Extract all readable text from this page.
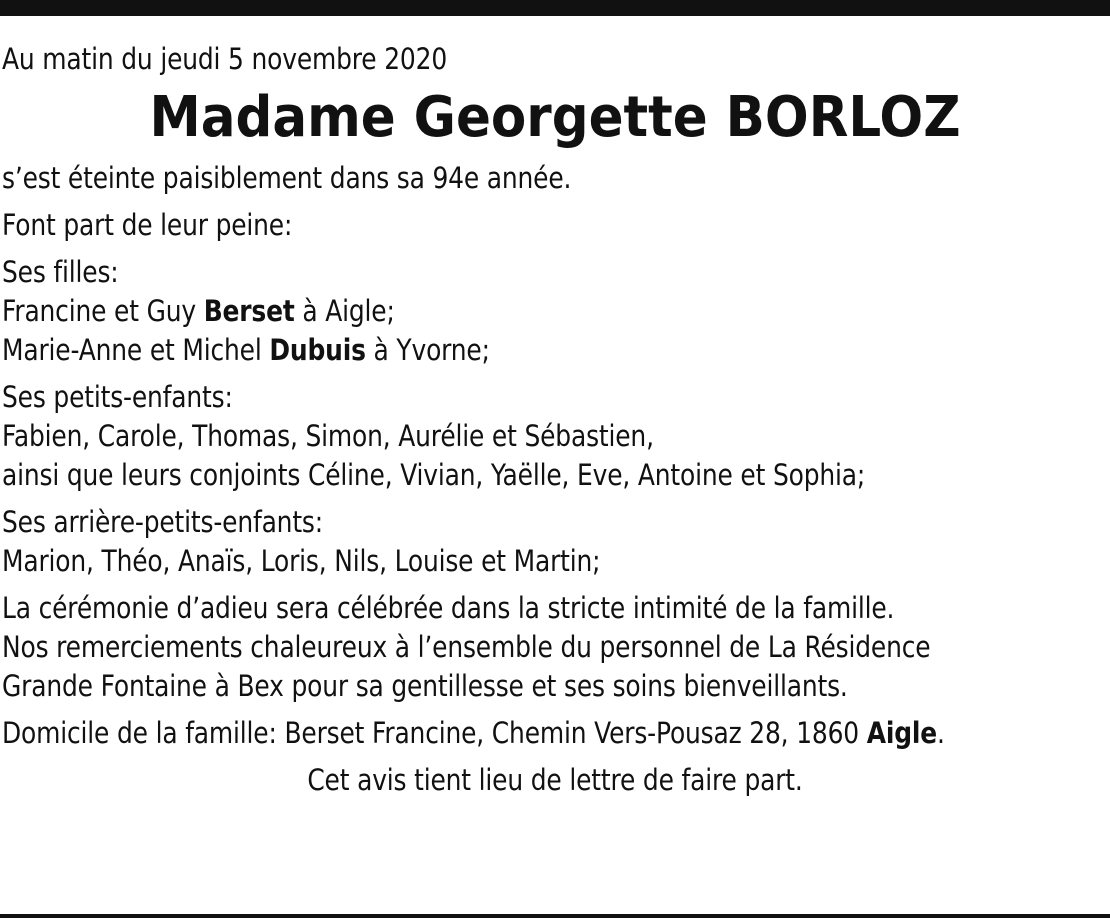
Au matin du jeudi 5 novembre 2020
Madame Georgette BORLOZ
s’est éteinte paisiblement dans sa 94e année.
Font part de leur peine:
Ses filles:
Francine et Guy Berset à Aigle;
Marie-Anne et Michel Dubuis à Yvorne;
Ses petits-enfants:
Fabien, Carole, Thomas, Simon, Aurélie et Sébastien,
ainsi que leurs conjoints Céline, Vivian, Yaëlle, Eve, Antoine et Sophia;
Ses arrière-petits-enfants:
Marion, Théo, Anaïs, Loris, Nils, Louise et Martin;
La cérémonie d’adieu sera célébrée dans la stricte intimité de la famille.
Nos remerciements chaleureux à l’ensemble du personnel de La Résidence
Grande Fontaine à Bex pour sa gentillesse et ses soins bienveillants.
Domicile de la famille: Berset Francine, Chemin Vers-Pousaz 28, 1860 Aigle.
Cet avis tient lieu de lettre de faire part.
